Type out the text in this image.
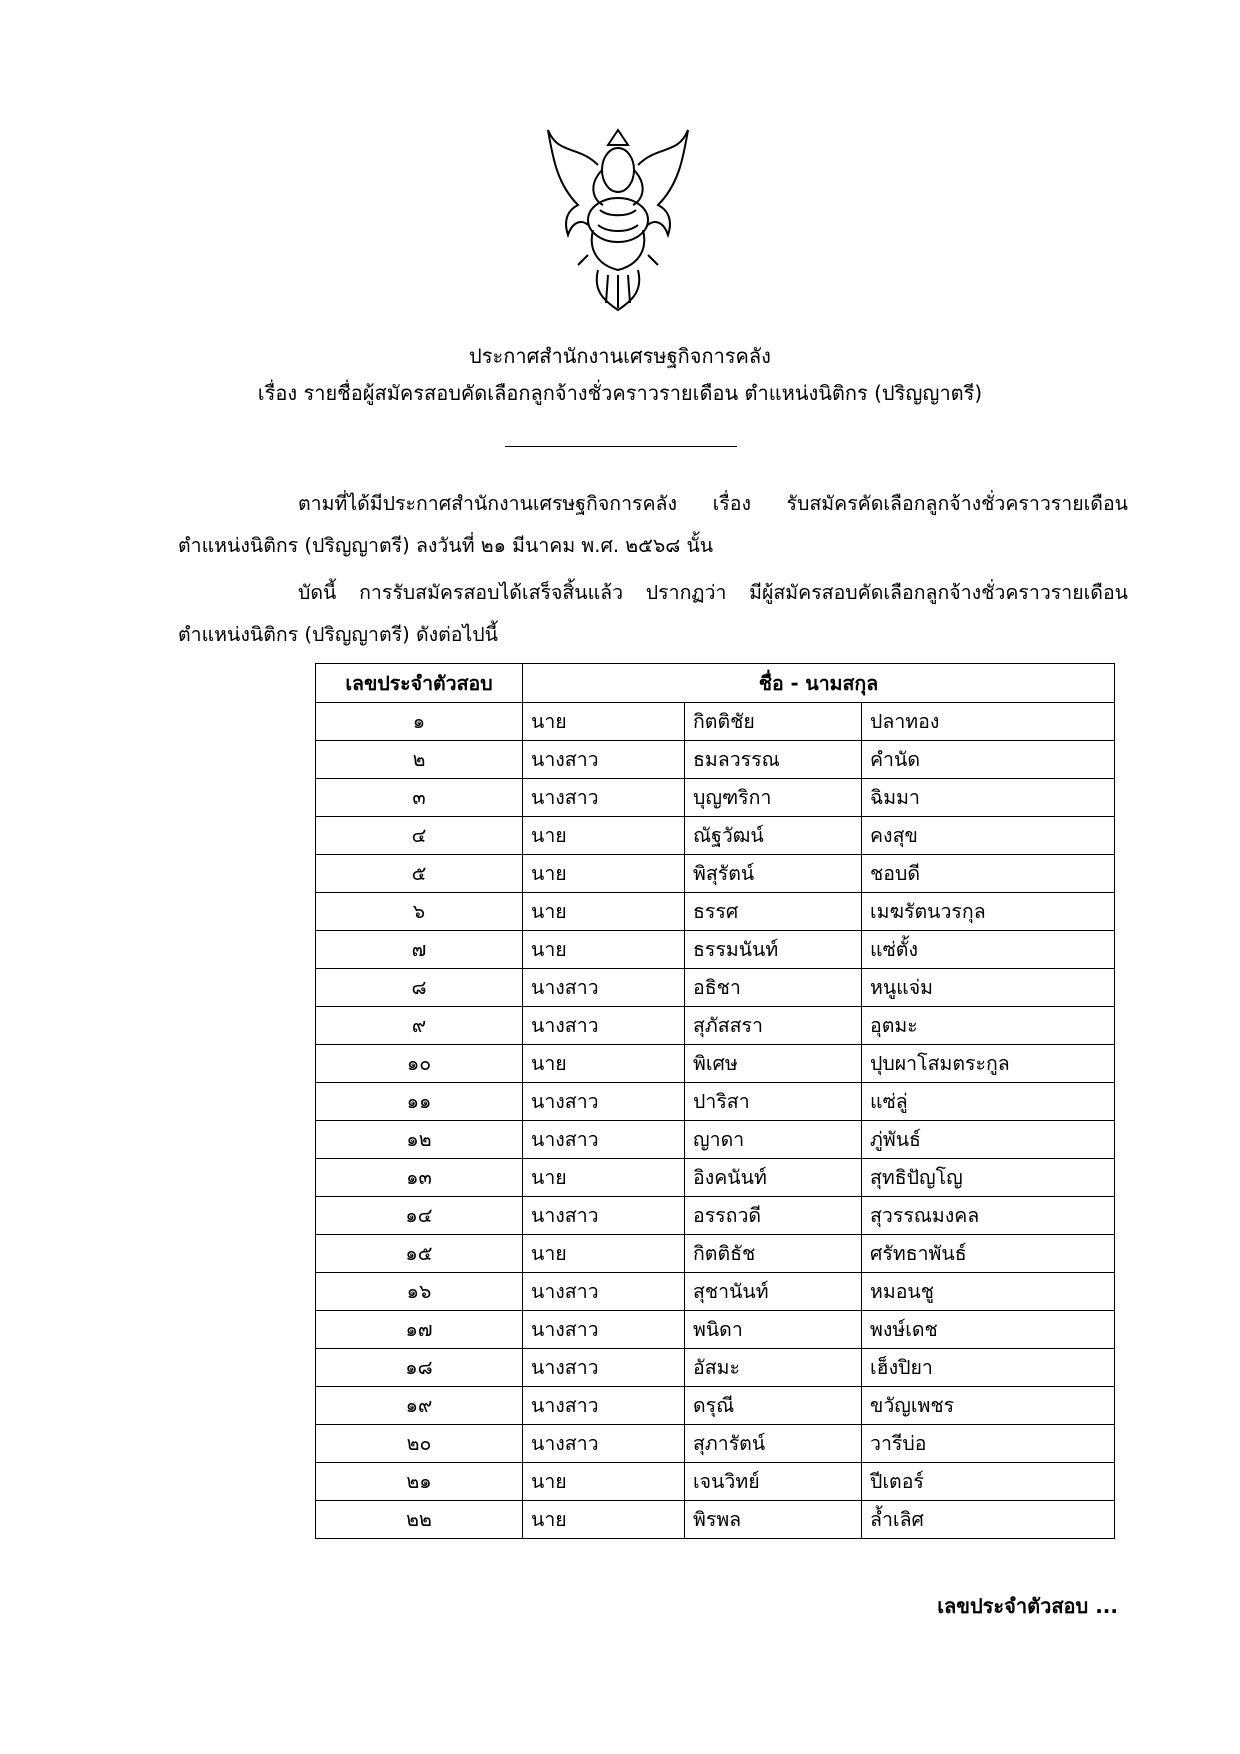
ประกาศสำนักงานเศรษฐกิจการคลัง
เรื่อง รายชื่อผู้สมัครสอบคัดเลือกลูกจ้างชั่วคราวรายเดือน ตำแหน่งนิติกร (ปริญญาตรี)
ตามที่ได้มีประกาศสำนักงานเศรษฐกิจการคลัง เรื่อง รับสมัครคัดเลือกลูกจ้างชั่วคราวรายเดือน
ตำแหน่งนิติกร (ปริญญาตรี) ลงวันที่ ๒๑ มีนาคม พ.ศ. ๒๕๖๘ นั้น
บัดนี้ การรับสมัครสอบได้เสร็จสิ้นแล้ว ปรากฏว่า มีผู้สมัครสอบคัดเลือกลูกจ้างชั่วคราวรายเดือน
ตำแหน่งนิติกร (ปริญญาตรี) ดังต่อไปนี้
เลขประจำตัวสอบ	ชื่อ - นามสกุล		
๑	นาย	กิตติชัย	ปลาทอง
๒	นางสาว	ธมลวรรณ	คำนัด
๓	นางสาว	บุญฑริกา	ฉิมมา
๔	นาย	ณัฐวัฒน์	คงสุข
๕	นาย	พิสุรัตน์	ชอบดี
๖	นาย	ธรรศ	เมฆรัตนวรกุล
๗	นาย	ธรรมนันท์	แซ่ตั้ง
๘	นางสาว	อธิชา	หนูแจ่ม
๙	นางสาว	สุภัสสรา	อุตมะ
๑๐	นาย	พิเศษ	ปุบผาโสมตระกูล
๑๑	นางสาว	ปาริสา	แซ่ลู่
๑๒	นางสาว	ญาดา	ภู่พันธ์
๑๓	นาย	อิงคนันท์	สุทธิปัญโญ
๑๔	นางสาว	อรรถวดี	สุวรรณมงคล
๑๕	นาย	กิตติธัช	ศรัทธาพันธ์
๑๖	นางสาว	สุชานันท์	หมอนชู
๑๗	นางสาว	พนิดา	พงษ์เดช
๑๘	นางสาว	อัสมะ	เฮ็งปิยา
๑๙	นางสาว	ดรุณี	ขวัญเพชร
๒๐	นางสาว	สุภารัตน์	วารีบ่อ
๒๑	นาย	เจนวิทย์	ปีเตอร์
๒๒	นาย	พิรพล	ล้ำเลิศ
เลขประจำตัวสอบ ...
